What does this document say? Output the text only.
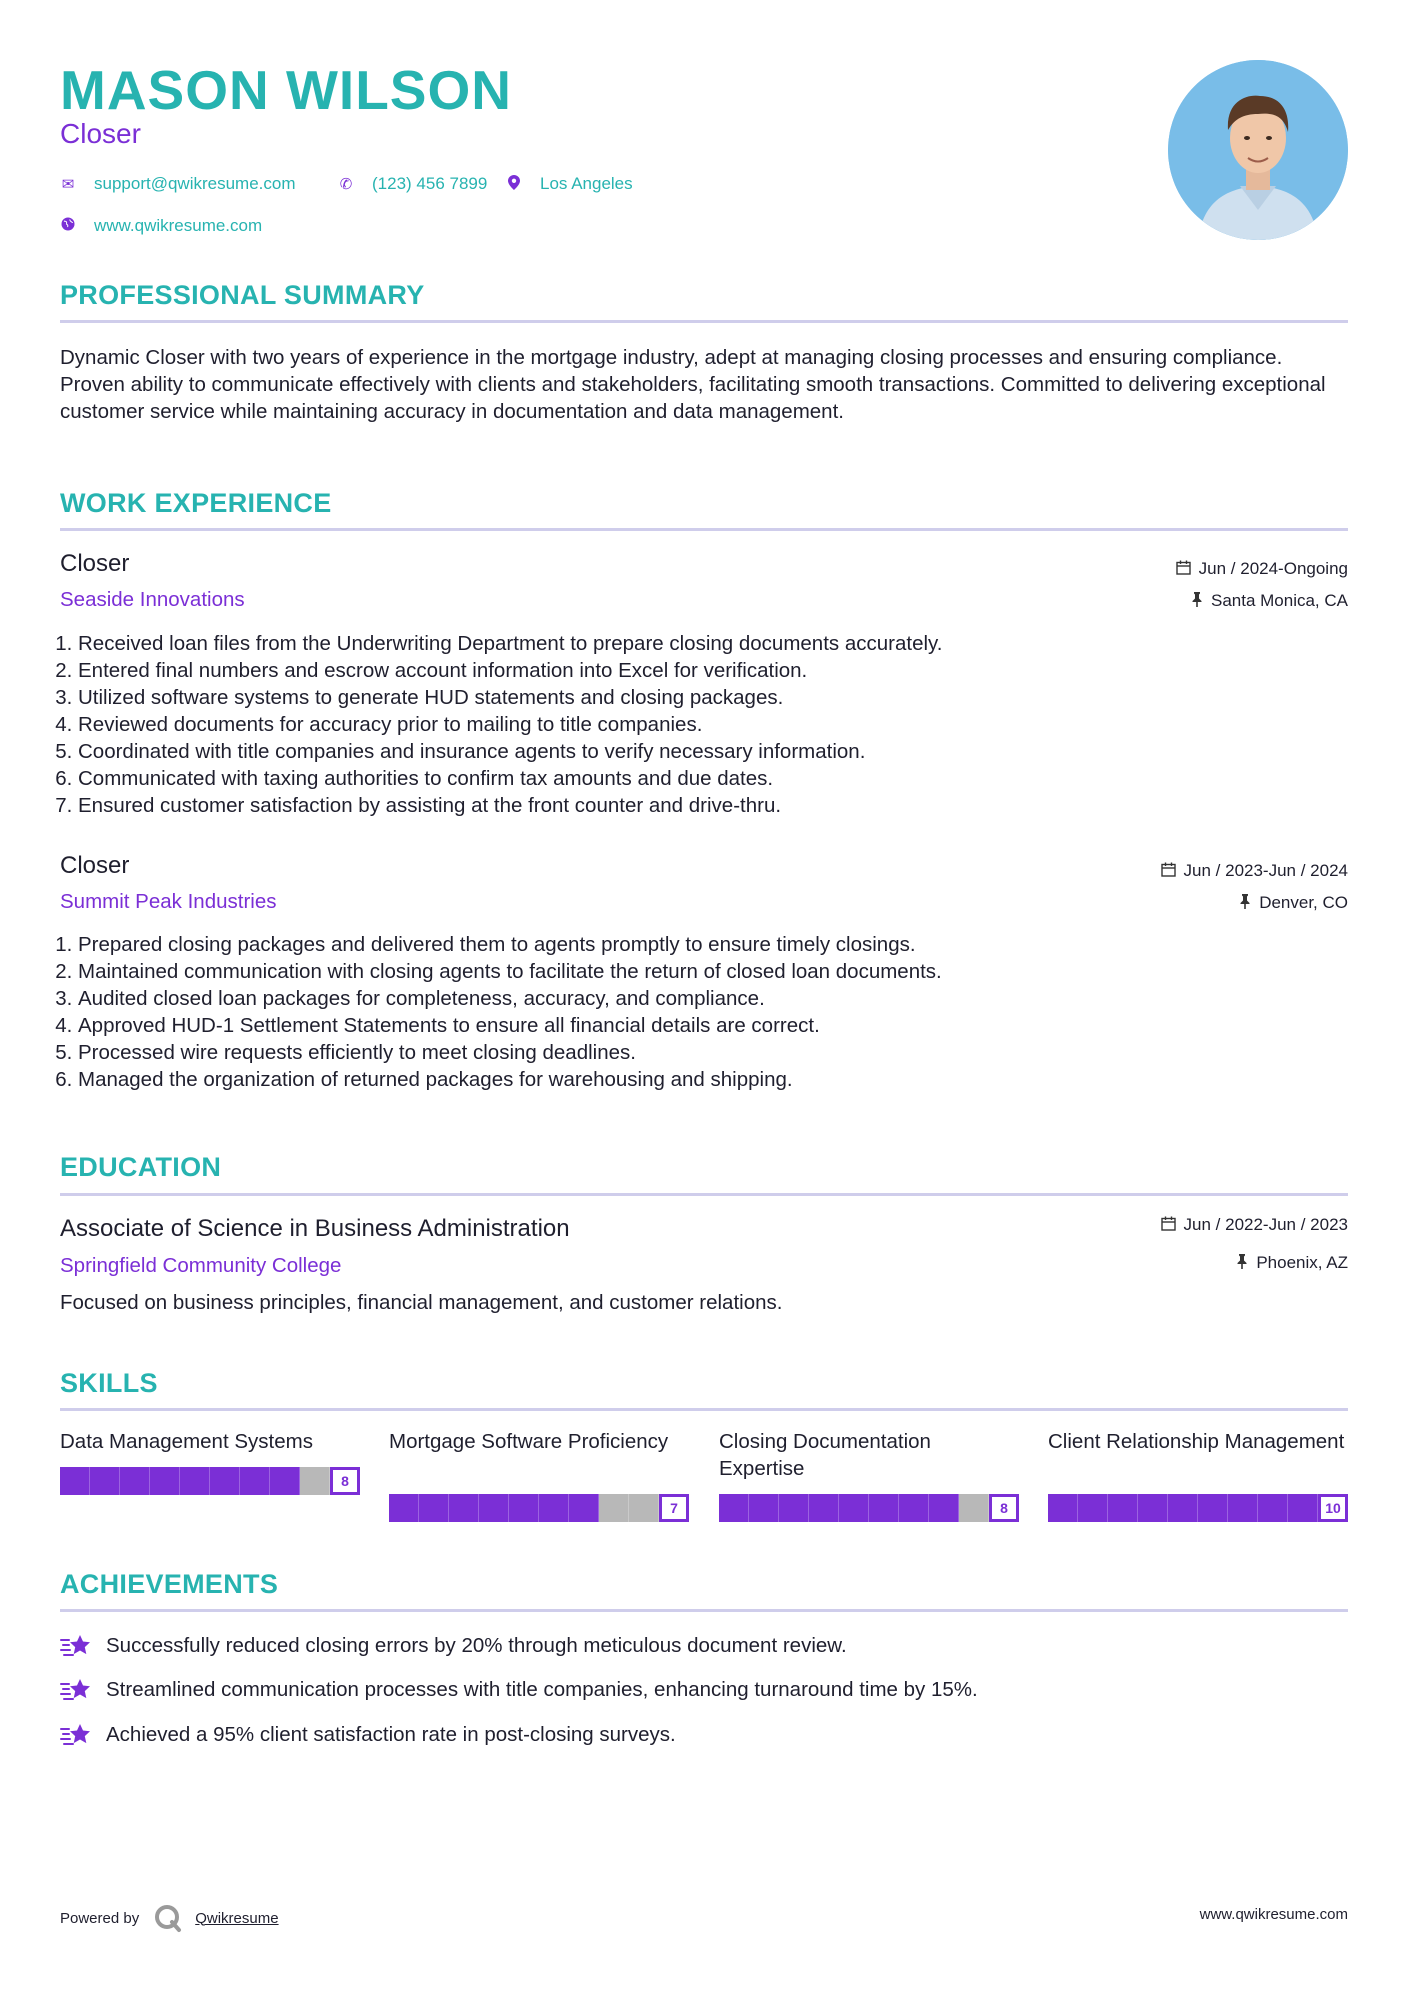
MASON WILSON
Closer
✉ support@qwikresume.com	✆ (123) 456 7899	Los Angeles
www.qwikresume.com
PROFESSIONAL SUMMARY
Dynamic Closer with two years of experience in the mortgage industry, adept at managing closing processes and ensuring compliance. Proven ability to communicate effectively with clients and stakeholders, facilitating smooth transactions. Committed to delivering exceptional customer service while maintaining accuracy in documentation and data management.
WORK EXPERIENCE
Closer
Seaside Innovations
Jun / 2024-Ongoing
Santa Monica, CA
1. Received loan files from the Underwriting Department to prepare closing documents accurately.
2. Entered final numbers and escrow account information into Excel for verification.
3. Utilized software systems to generate HUD statements and closing packages.
4. Reviewed documents for accuracy prior to mailing to title companies.
5. Coordinated with title companies and insurance agents to verify necessary information.
6. Communicated with taxing authorities to confirm tax amounts and due dates.
7. Ensured customer satisfaction by assisting at the front counter and drive-thru.
Closer
Summit Peak Industries
Jun / 2023-Jun / 2024
Denver, CO
1. Prepared closing packages and delivered them to agents promptly to ensure timely closings.
2. Maintained communication with closing agents to facilitate the return of closed loan documents.
3. Audited closed loan packages for completeness, accuracy, and compliance.
4. Approved HUD-1 Settlement Statements to ensure all financial details are correct.
5. Processed wire requests efficiently to meet closing deadlines.
6. Managed the organization of returned packages for warehousing and shipping.
EDUCATION
Associate of Science in Business Administration
Springfield Community College
Jun / 2022-Jun / 2023
Phoenix, AZ
Focused on business principles, financial management, and customer relations.
SKILLS
Data Management Systems
8
Mortgage Software Proficiency
7
Closing Documentation Expertise
8
Client Relationship Management
10
ACHIEVEMENTS
Successfully reduced closing errors by 20% through meticulous document review.
Streamlined communication processes with title companies, enhancing turnaround time by 15%.
Achieved a 95% client satisfaction rate in post-closing surveys.
Powered by	Qwikresume	www.qwikresume.com
